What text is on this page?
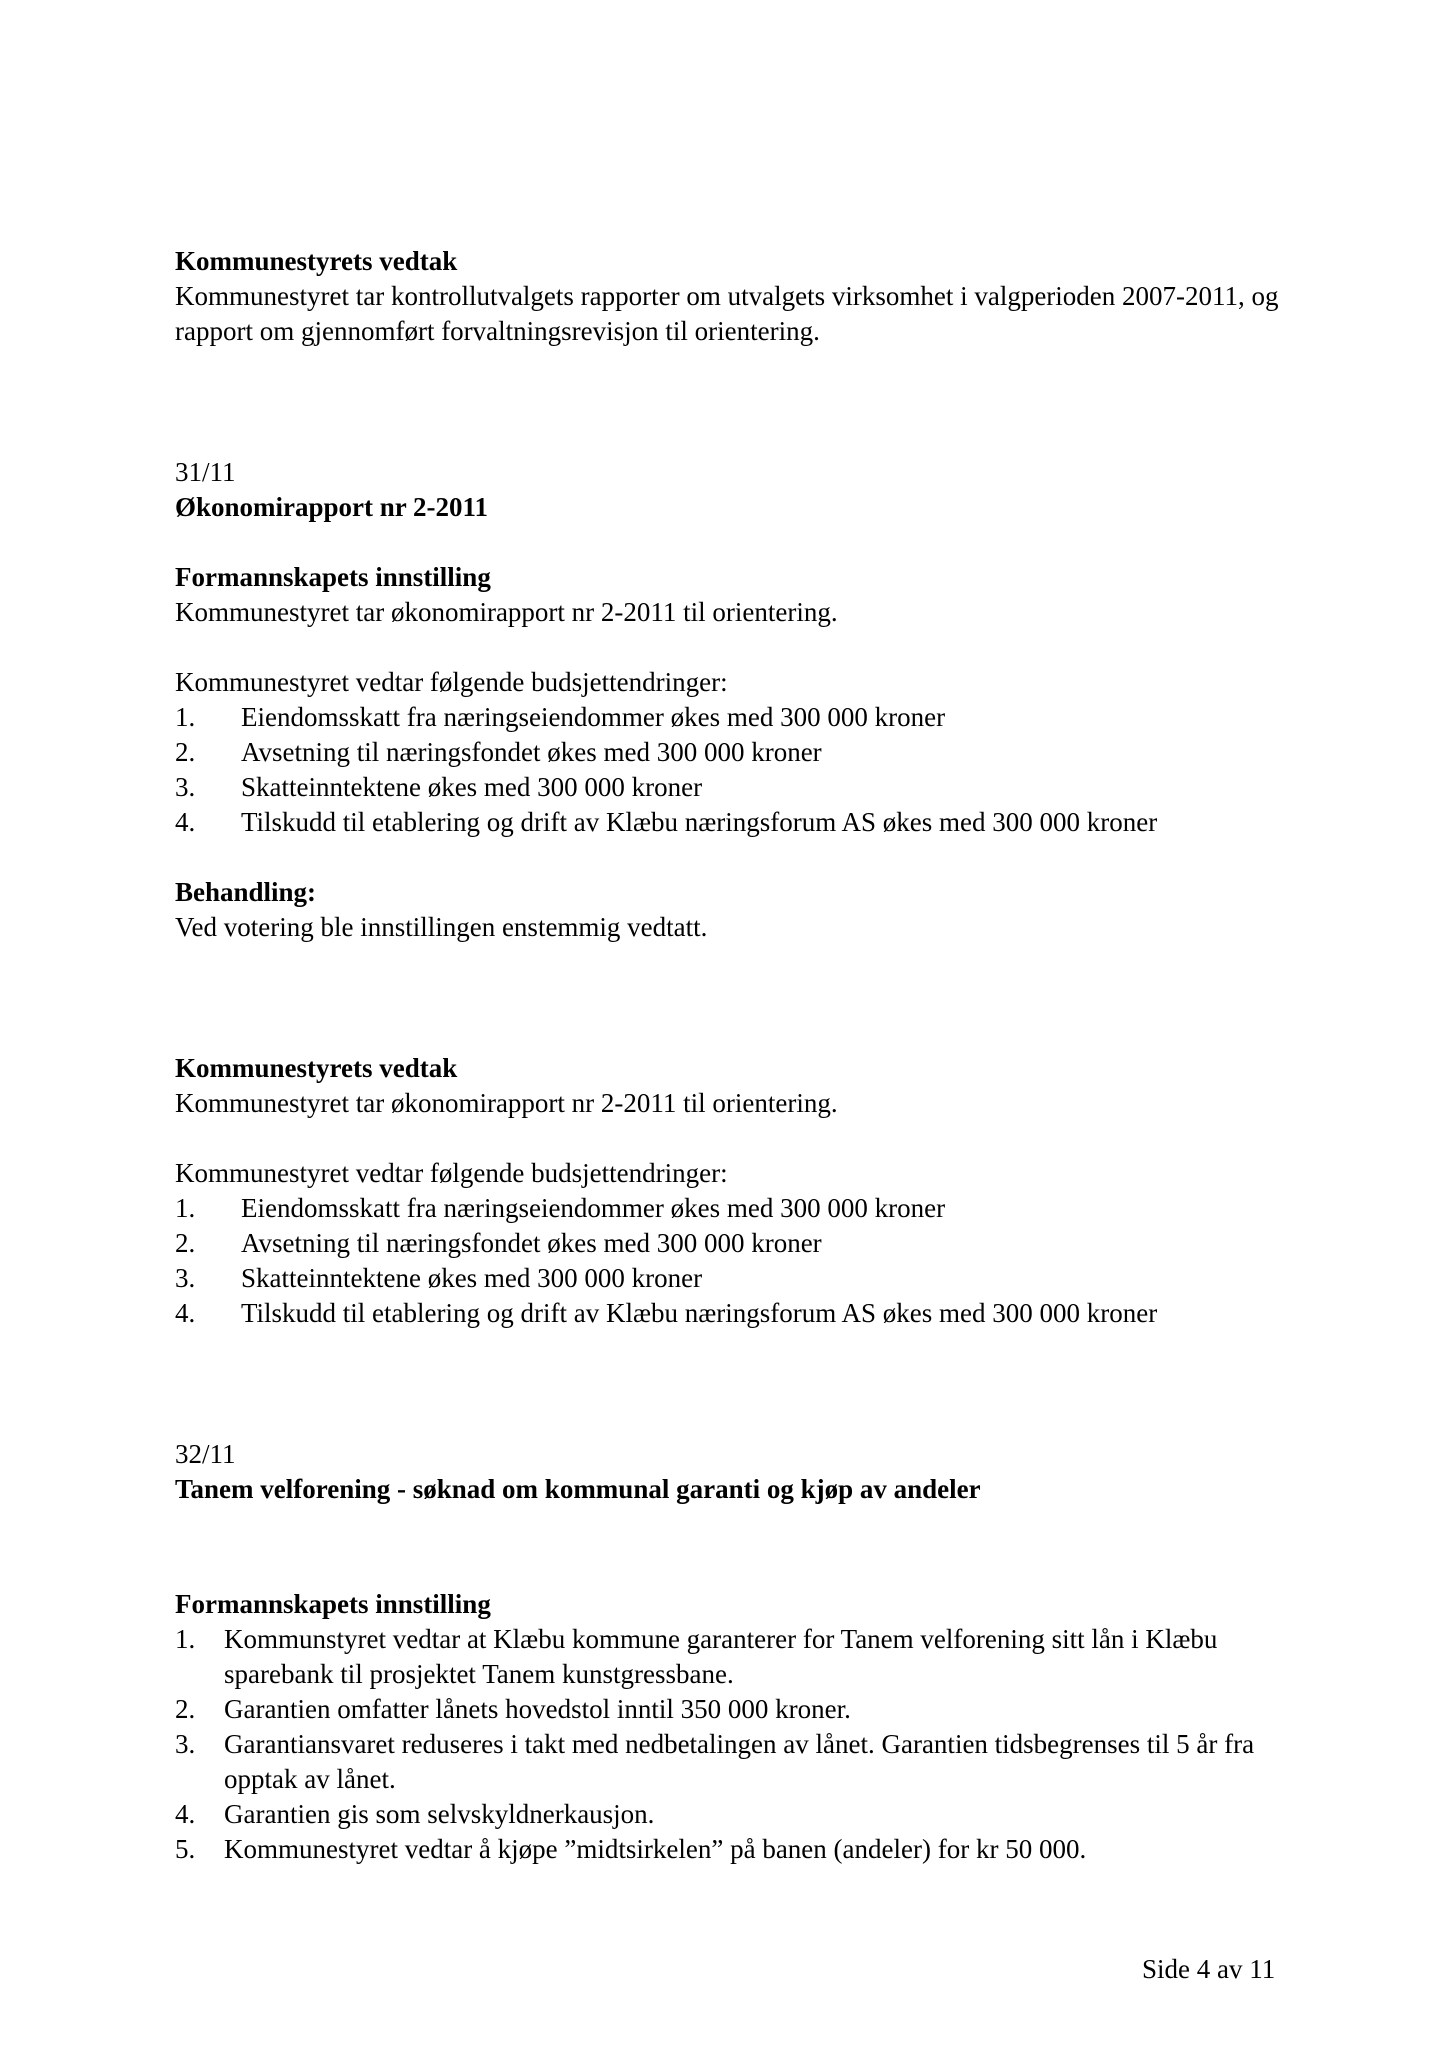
Kommunestyrets vedtak

Kommunestyret tar kontrollutvalgets rapporter om utvalgets virksomhet i valgperioden 2007-2011, og rapport om gjennomført forvaltningsrevisjon til orientering.

31/11
Økonomirapport nr 2-2011
Formannskapets innstilling
Kommunestyret tar økonomirapport nr 2-2011 til orientering.
Kommunestyret vedtar følgende budsjettendringer:
1. Eiendomsskatt fra næringseiendommer økes med 300 000 kroner
2. Avsetning til næringsfondet økes med 300 000 kroner
3. Skatteinntektene økes med 300 000 kroner
4. Tilskudd til etablering og drift av Klæbu næringsforum AS økes med 300 000 kroner
Behandling:
Ved votering ble innstillingen enstemmig vedtatt.
Kommunestyrets vedtak
Kommunestyret tar økonomirapport nr 2-2011 til orientering.
Kommunestyret vedtar følgende budsjettendringer:
1. Eiendomsskatt fra næringseiendommer økes med 300 000 kroner
2. Avsetning til næringsfondet økes med 300 000 kroner
3. Skatteinntektene økes med 300 000 kroner
4. Tilskudd til etablering og drift av Klæbu næringsforum AS økes med 300 000 kroner
32/11
Tanem velforening - søknad om kommunal garanti og kjøp av andeler
Formannskapets innstilling
1. Kommunstyret vedtar at Klæbu kommune garanterer for Tanem velforening sitt lån i Klæbu sparebank til prosjektet Tanem kunstgressbane.
2. Garantien omfatter lånets hovedstol inntil 350 000 kroner.
3. Garantiansvaret reduseres i takt med nedbetalingen av lånet. Garantien tidsbegrenses til 5 år fra opptak av lånet.
4. Garantien gis som selvskyldnerkausjon.
5. Kommunestyret vedtar å kjøpe ”midtsirkelen” på banen (andeler) for kr 50 000.
Side 4 av 11
